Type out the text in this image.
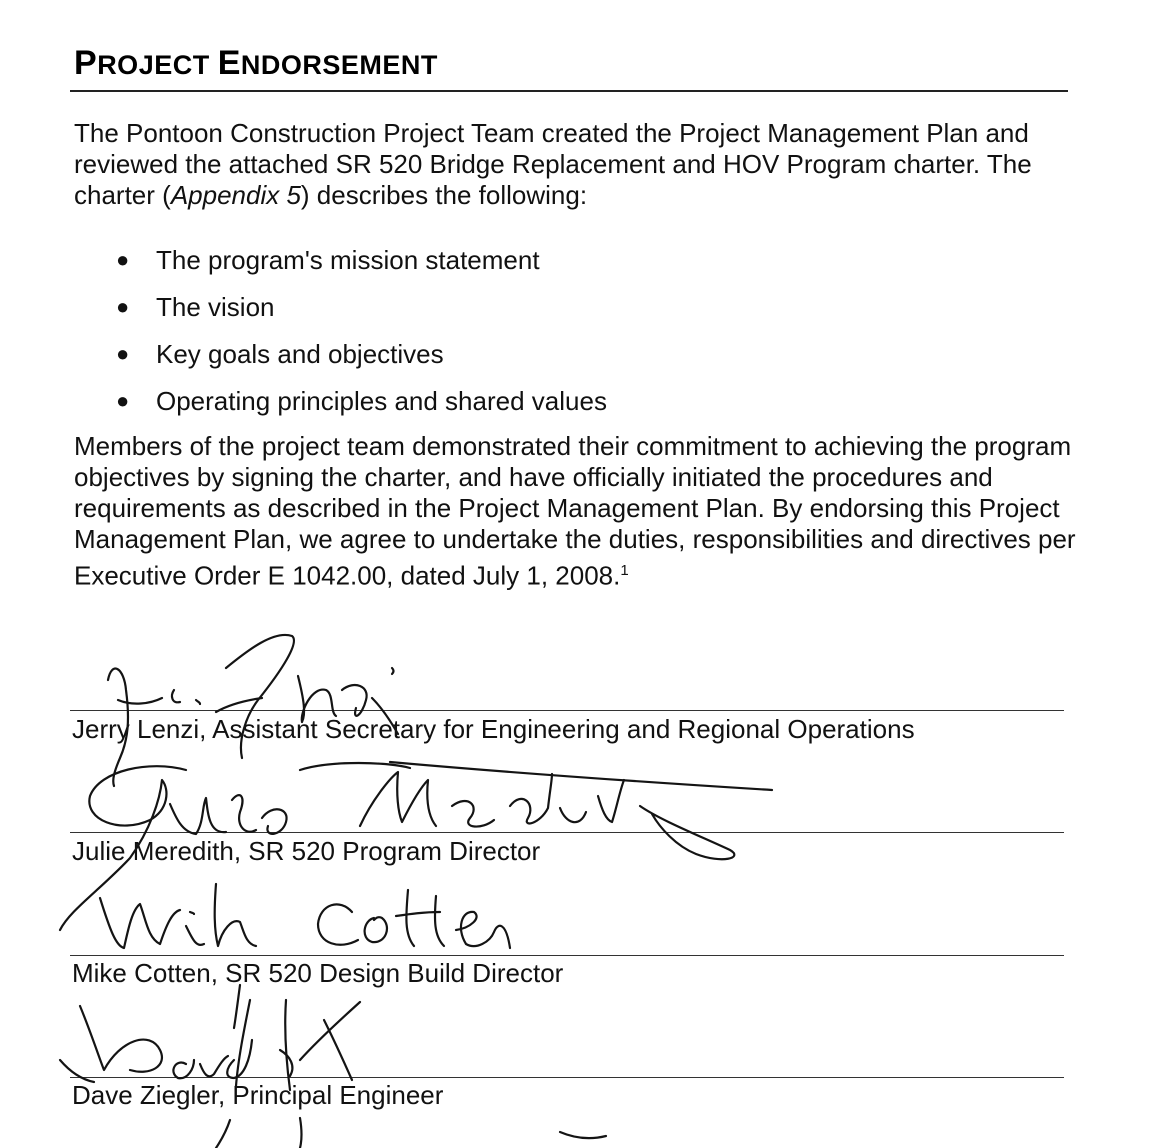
PROJECT ENDORSEMENT

The Pontoon Construction Project Team created the Project Management Plan and reviewed the attached SR 520 Bridge Replacement and HOV Program charter. The charter (Appendix 5) describes the following:

● The program's mission statement
● The vision
● Key goals and objectives
● Operating principles and shared values

Members of the project team demonstrated their commitment to achieving the program objectives by signing the charter, and have officially initiated the procedures and requirements as described in the Project Management Plan. By endorsing this Project Management Plan, we agree to undertake the duties, responsibilities and directives per Executive Order E 1042.00, dated July 1, 2008.$^1$

Jerry Lenzi, Assistant Secretary for Engineering and Regional Operations
Julie Meredith, SR 520 Program Director
Mike Cotten, SR 520 Design Build Director
Dave Ziegler, Principal Engineer
